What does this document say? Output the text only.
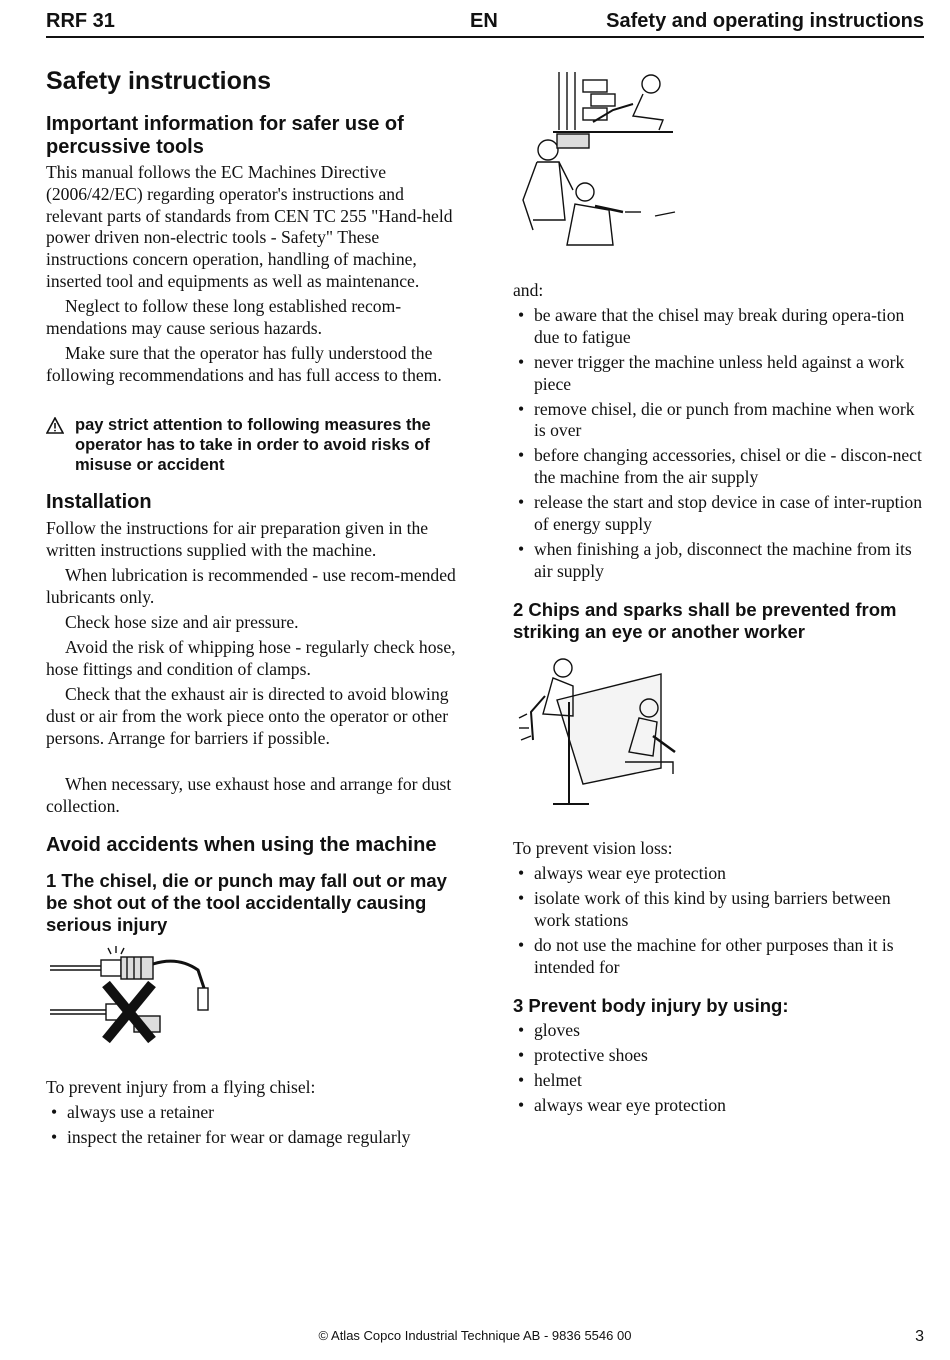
RRF 31	EN	Safety and operating instructions
Safety instructions
Important information for safer use of percussive tools

This manual follows the EC Machines Directive (2006/42/EC) regarding operator's instructions and relevant parts of standards from CEN TC 255 "Hand-held power driven non-electric tools - Safety" These instructions concern operation, handling of machine, inserted tool and equipments as well as maintenance.

Neglect to follow these long established recom-mendations may cause serious hazards.

Make sure that the operator has fully understood the following recommendations and has full access to them.

pay strict attention to following measures the operator has to take in order to avoid risks of misuse or accident
Installation

Follow the instructions for air preparation given in the written instructions supplied with the machine.

When lubrication is recommended - use recom-mended lubricants only.

Check hose size and air pressure.

Avoid the risk of whipping hose - regularly check hose, hose fittings and condition of clamps.

Check that the exhaust air is directed to avoid blowing dust or air from the work piece onto the operator or other persons. Arrange for barriers if possible.

When necessary, use exhaust hose and arrange for dust collection.

Avoid accidents when using the machine
1 The chisel, die or punch may fall out or may be shot out of the tool accidentally causing serious injury

To prevent injury from a flying chisel:

• always use a retainer
• inspect the retainer for wear or damage regularly

and:

• be aware that the chisel may break during opera-tion due to fatigue
• never trigger the machine unless held against a work piece
• remove chisel, die or punch from machine when work is over
• before changing accessories, chisel or die - discon-nect the machine from the air supply
• release the start and stop device in case of inter-ruption of energy supply
• when finishing a job, disconnect the machine from its air supply
2 Chips and sparks shall be prevented from striking an eye or another worker

To prevent vision loss:

• always wear eye protection
• isolate work of this kind by using barriers between work stations
• do not use the machine for other purposes than it is intended for
3 Prevent body injury by using:
• gloves
• protective shoes
• helmet
• always wear eye protection
© Atlas Copco Industrial Technique AB - 9836 5546 00	3
